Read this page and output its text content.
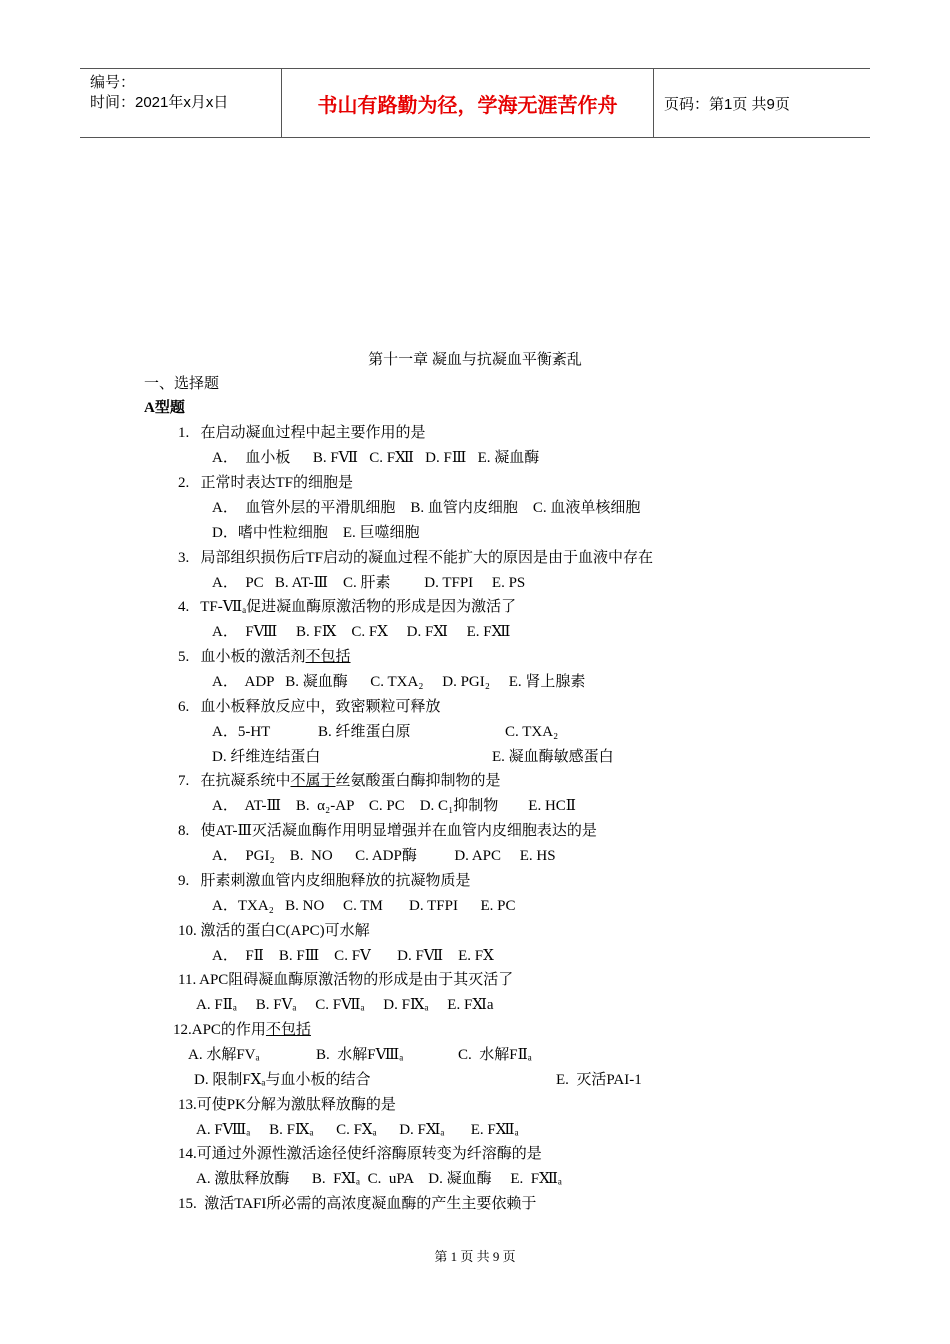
编号：
时间：2021年x月x日	书山有路勤为径，学海无涯苦作舟	页码：第1页 共9页
第十一章 凝血与抗凝血平衡紊乱
一、选择题
A型题
1.   在启动凝血过程中起主要作用的是
A．  血小板      B. FⅦ   C. FⅫ   D. FⅢ   E. 凝血酶
2.   正常时表达TF的细胞是
A．  血管外层的平滑肌细胞    B. 血管内皮细胞    C. 血液单核细胞
D．嗜中性粒细胞    E. 巨噬细胞
3.   局部组织损伤后TF启动的凝血过程不能扩大的原因是由于血液中存在
A．  PC   B. AT-Ⅲ    C. 肝素         D. TFPI     E. PS
4.   $TF-Ⅶ_a$促进凝血酶原激活物的形成是因为激活了
A．  FⅧ     B. FⅨ    C. FⅩ     D. FⅪ     E. FⅫ
5.   血小板的激活剂不包括
A．  ADP   B. 凝血酶      C. TXA₂     D. PGI₂     E. 肾上腺素
6.   血小板释放反应中，致密颗粒可释放
A．5-HT	B. 纤维蛋白原	C. TXA₂
D. 纤维连结蛋白	E. 凝血酶敏感蛋白
7.   在抗凝系统中不属于丝氨酸蛋白酶抑制物的是
A．  AT-Ⅲ    B.  α₂-AP    C. PC    D. C₁抑制物        E. HCⅡ
8.   使AT-Ⅲ灭活凝血酶作用明显增强并在血管内皮细胞表达的是
A．  PGI₂    B.  NO      C. ADP酶          D. APC     E. HS
9.   肝素刺激血管内皮细胞释放的抗凝物质是
A．TXA₂   B. NO     C. TM       D. TFPI      E. PC
10. 激活的蛋白C(APC)可水解
A．  FⅡ    B. FⅢ    C. FⅤ       D. FⅦ    E. FⅩ
11. APC阻碍凝血酶原激活物的形成是由于其灭活了
A. FⅡₐ     B. FⅤₐ     C. FⅦₐ     D. FⅨₐ     E. FⅪa
12.APC的作用不包括
A. 水解FVₐ	B.  水解FⅧₐ	C.  水解FⅡₐ
D. 限制FⅩₐ与血小板的结合	E.  灭活PAI-1
13.可使PK分解为激肽释放酶的是
A. FⅧₐ     B. FⅨₐ      C. FⅩₐ      D. FⅪₐ       E. FⅫₐ
14.可通过外源性激活途径使纤溶酶原转变为纤溶酶的是
A. 激肽释放酶      B.  FⅪₐ  C.  uPA    D. 凝血酶     E.  FⅫₐ
15.  激活TAFI所必需的高浓度凝血酶的产生主要依赖于
第 1 页 共 9 页
